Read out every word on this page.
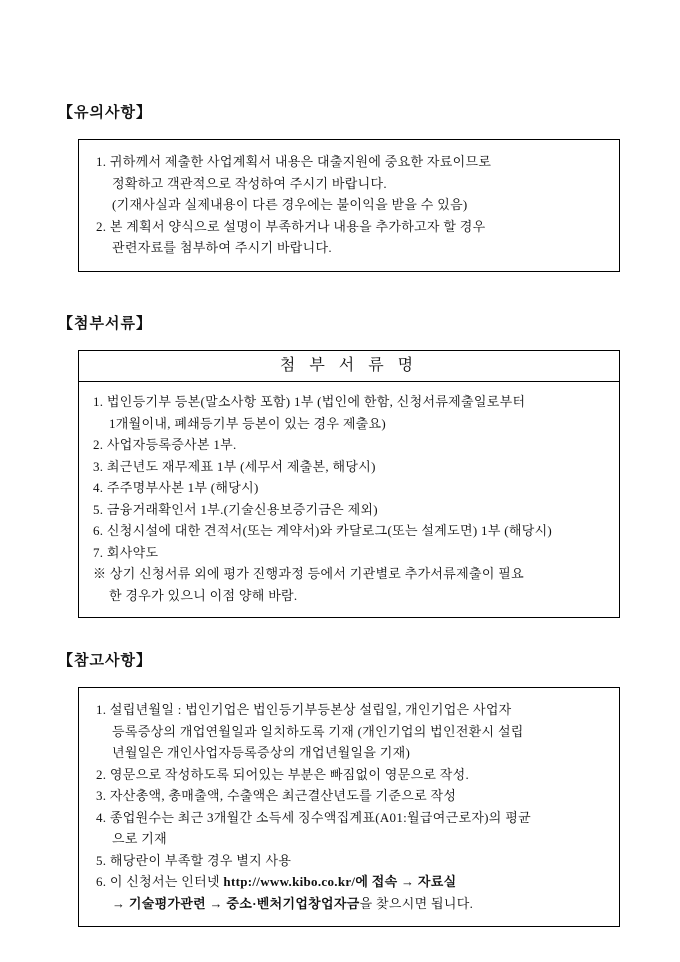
【유의사항】
1. 귀하께서 제출한 사업계획서 내용은 대출지원에 중요한 자료이므로
정확하고 객관적으로 작성하여 주시기 바랍니다.
(기재사실과 실제내용이 다른 경우에는 불이익을 받을 수 있음)
2. 본 계획서 양식으로 설명이 부족하거나 내용을 추가하고자 할 경우
관련자료를 첨부하여 주시기 바랍니다.
【첨부서류】
첨 부 서 류 명
1. 법인등기부 등본(말소사항 포함) 1부 (법인에 한함, 신청서류제출일로부터
1개월이내, 폐쇄등기부 등본이 있는 경우 제출요)
2. 사업자등록증사본 1부.
3. 최근년도 재무제표 1부 (세무서 제출본, 해당시)
4. 주주명부사본 1부 (해당시)
5. 금융거래확인서 1부.(기술신용보증기금은 제외)
6. 신청시설에 대한 견적서(또는 계약서)와 카달로그(또는 설계도면) 1부 (해당시)
7. 회사약도
※ 상기 신청서류 외에 평가 진행과정 등에서 기관별로 추가서류제출이 필요
한 경우가 있으니 이점 양해 바람.
【참고사항】
1. 설립년월일 : 법인기업은 법인등기부등본상 설립일, 개인기업은 사업자
등록증상의 개업연월일과 일치하도록 기재 (개인기업의 법인전환시 설립
년월일은 개인사업자등록증상의 개업년월일을 기재)
2. 영문으로 작성하도록 되어있는 부분은 빠짐없이 영문으로 작성.
3. 자산총액, 총매출액, 수출액은 최근결산년도를 기준으로 작성
4. 종업원수는 최근 3개월간 소득세 징수액집계표(A01:월급여근로자)의 평균
으로 기재
5. 해당란이 부족할 경우 별지 사용
6. 이 신청서는 인터넷 http://www.kibo.co.kr/에 접속 → 자료실
→ 기술평가관련 → 중소·벤처기업창업자금을 찾으시면 됩니다.
